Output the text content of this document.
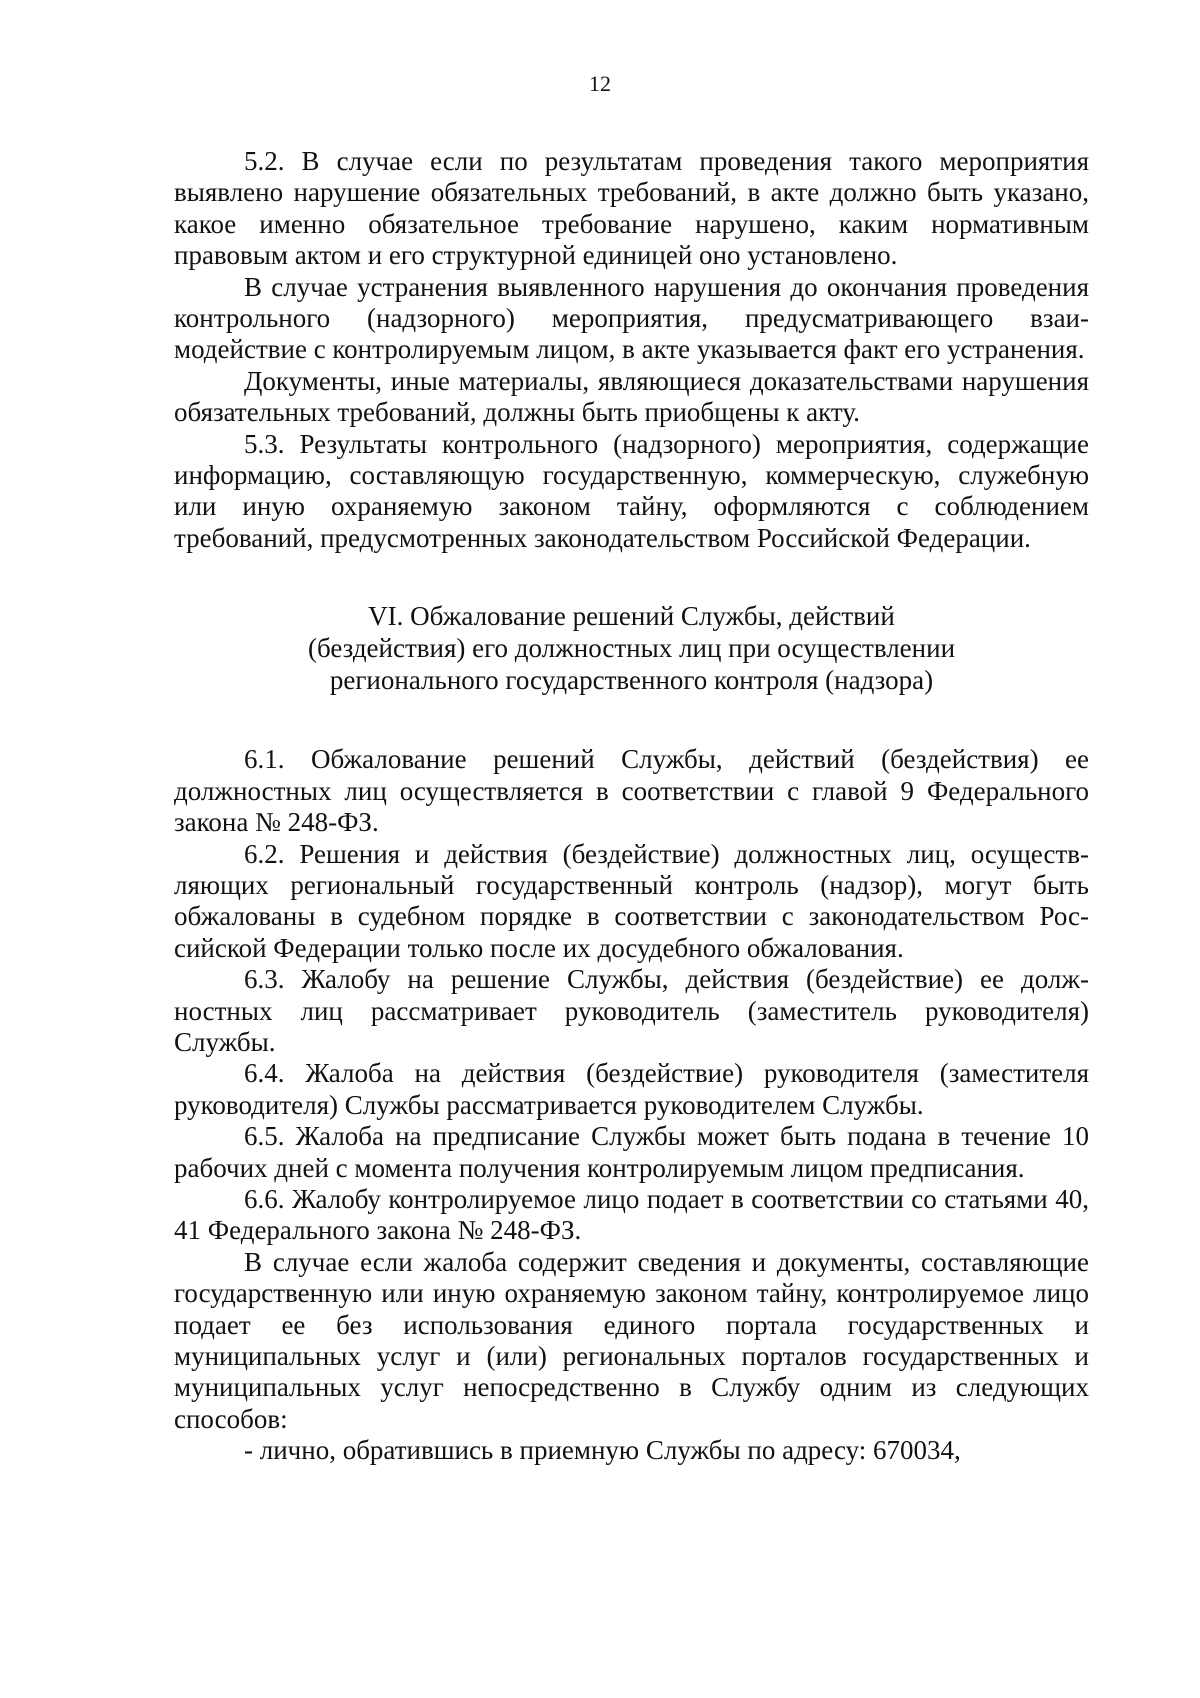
12

5.2. В случае если по результатам проведения такого мероприятия выявлено нарушение обязательных требований, в акте должно быть указано, какое именно обязательное требование нарушено, каким нормативным правовым актом и его структурной единицей оно установлено.

В случае устранения выявленного нарушения до окончания проведения контрольного (надзорного) мероприятия, предусматривающего взаимодействие с контролируемым лицом, в акте указывается факт его устранения.

Документы, иные материалы, являющиеся доказательствами нарушения обязательных требований, должны быть приобщены к акту.

5.3. Результаты контрольного (надзорного) мероприятия, содержащие информацию, составляющую государственную, коммерческую, служебную или иную охраняемую законом тайну, оформляются с соблюдением требований, предусмотренных законодательством Российской Федерации.

VI. Обжалование решений Службы, действий
(бездействия) его должностных лиц при осуществлении
регионального государственного контроля (надзора)

6.1. Обжалование решений Службы, действий (бездействия) ее должностных лиц осуществляется в соответствии с главой 9 Федерального закона № 248-ФЗ.

6.2. Решения и действия (бездействие) должностных лиц, осуществляющих региональный государственный контроль (надзор), могут быть обжалованы в судебном порядке в соответствии с законодательством Российской Федерации только после их досудебного обжалования.

6.3. Жалобу на решение Службы, действия (бездействие) ее должностных лиц рассматривает руководитель (заместитель руководителя) Службы.

6.4. Жалоба на действия (бездействие) руководителя (заместителя руководителя) Службы рассматривается руководителем Службы.

6.5. Жалоба на предписание Службы может быть подана в течение 10 рабочих дней с момента получения контролируемым лицом предписания.

6.6. Жалобу контролируемое лицо подает в соответствии со статьями 40, 41 Федерального закона № 248-ФЗ.

В случае если жалоба содержит сведения и документы, составляющие государственную или иную охраняемую законом тайну, контролируемое лицо подает ее без использования единого портала государственных и муниципальных услуг и (или) региональных порталов государственных и муниципальных услуг непосредственно в Службу одним из следующих способов:

- лично, обратившись в приемную Службы по адресу: 670034,
